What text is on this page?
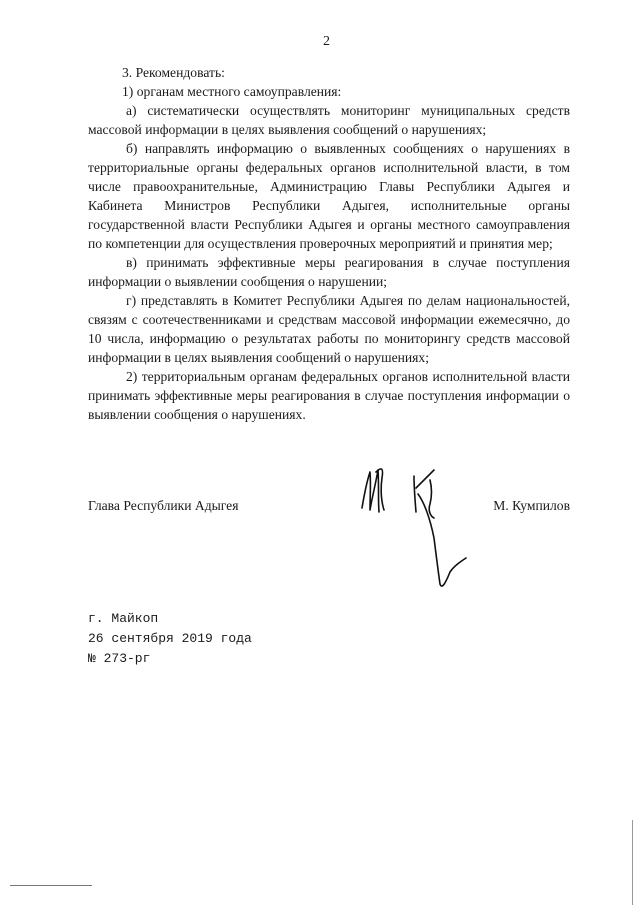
2

3. Рекомендовать:

1) органам местного самоуправления:

а) систематически осуществлять мониторинг муниципальных средств массовой информации в целях выявления сообщений о нарушениях;

б) направлять информацию о выявленных сообщениях о нарушениях в территориальные органы федеральных органов исполнительной власти, в том числе правоохранительные, Администрацию Главы Республики Адыгея и Кабинета Министров Республики Адыгея, исполнительные органы государственной власти Республики Адыгея и органы местного самоуправления по компетенции для осуществления проверочных мероприятий и принятия мер;

в) принимать эффективные меры реагирования в случае поступления информации о выявлении сообщения о нарушении;

г) представлять в Комитет Республики Адыгея по делам национальностей, связям с соотечественниками и средствам массовой информации ежемесячно, до 10 числа, информацию о результатах работы по мониторингу средств массовой информации в целях выявления сообщений о нарушениях;

2) территориальным органам федеральных органов исполнительной власти принимать эффективные меры реагирования в случае поступления информации о выявлении сообщения о нарушениях.

Глава Республики Адыгея	М. Кумпилов
г. Майкоп
26 сентября 2019 года
№ 273-рг
